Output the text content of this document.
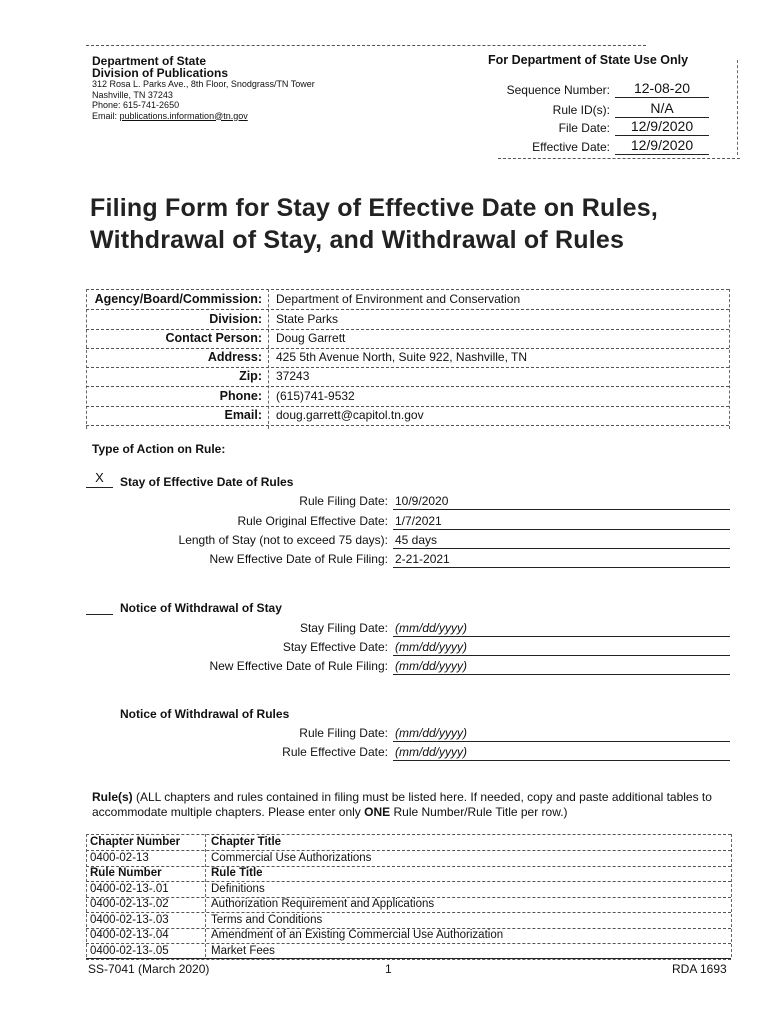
Department of State
Division of Publications
312 Rosa L. Parks Ave., 8th Floor, Snodgrass/TN Tower
Nashville, TN 37243
Phone: 615-741-2650
Email: publications.information@tn.gov
For Department of State Use Only
Sequence Number:	12-08-20
Rule ID(s):	N/A
File Date:	12/9/2020
Effective Date:	12/9/2020
Filing Form for Stay of Effective Date on Rules,
Withdrawal of Stay, and Withdrawal of Rules
Agency/Board/Commission: Department of Environment and Conservation
Division: State Parks
Contact Person: Doug Garrett
Address: 425 5th Avenue North, Suite 922, Nashville, TN
Zip: 37243
Phone: (615)741-9532
Email: doug.garrett@capitol.tn.gov
Type of Action on Rule:
X	Stay of Effective Date of Rules
Rule Filing Date: 10/9/2020
Rule Original Effective Date: 1/7/2021
Length of Stay (not to exceed 75 days): 45 days
New Effective Date of Rule Filing: 2-21-2021
Notice of Withdrawal of Stay
Stay Filing Date: (mm/dd/yyyy)
Stay Effective Date: (mm/dd/yyyy)
New Effective Date of Rule Filing: (mm/dd/yyyy)
Notice of Withdrawal of Rules
Rule Filing Date: (mm/dd/yyyy)
Rule Effective Date: (mm/dd/yyyy)
Rule(s) (ALL chapters and rules contained in filing must be listed here. If needed, copy and paste additional tables to accommodate multiple chapters. Please enter only ONE Rule Number/Rule Title per row.)
Chapter Number	Chapter Title
0400-02-13	Commercial Use Authorizations
Rule Number	Rule Title
0400-02-13-.01	Definitions
0400-02-13-.02	Authorization Requirement and Applications
0400-02-13-.03	Terms and Conditions
0400-02-13-.04	Amendment of an Existing Commercial Use Authorization
0400-02-13-.05	Market Fees
SS-7041 (March 2020)	1	RDA 1693
